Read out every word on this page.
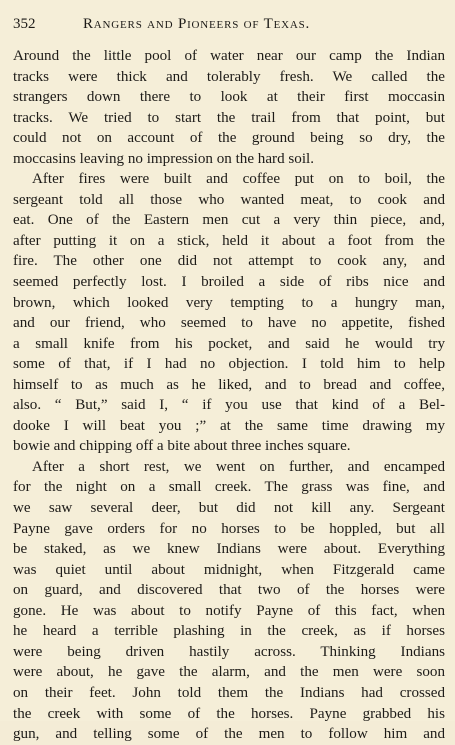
352	Rangers and Pioneers of Texas.

Around the little pool of water near our camp the Indian
tracks were thick and tolerably fresh. We called the
strangers down there to look at their first moccasin
tracks. We tried to start the trail from that point, but
could not on account of the ground being so dry, the
moccasins leaving no impression on the hard soil.

After fires were built and coffee put on to boil, the
sergeant told all those who wanted meat, to cook and
eat. One of the Eastern men cut a very thin piece, and,
after putting it on a stick, held it about a foot from the
fire. The other one did not attempt to cook any, and
seemed perfectly lost. I broiled a side of ribs nice and
brown, which looked very tempting to a hungry man,
and our friend, who seemed to have no appetite, fished
a small knife from his pocket, and said he would try
some of that, if I had no objection. I told him to help
himself to as much as he liked, and to bread and coffee,
also. “ But,” said I, “ if you use that kind of a Bel-
dooke I will beat you ;” at the same time drawing my
bowie and chipping off a bite about three inches square.

After a short rest, we went on further, and encamped
for the night on a small creek. The grass was fine, and
we saw several deer, but did not kill any. Sergeant
Payne gave orders for no horses to be hoppled, but all
be staked, as we knew Indians were about. Everything
was quiet until about midnight, when Fitzgerald came
on guard, and discovered that two of the horses were
gone. He was about to notify Payne of this fact, when
he heard a terrible plashing in the creek, as if horses
were being driven hastily across. Thinking Indians
were about, he gave the alarm, and the men were soon
on their feet. John told them the Indians had crossed
the creek with some of the horses. Payne grabbed his
gun, and telling some of the men to follow him and
